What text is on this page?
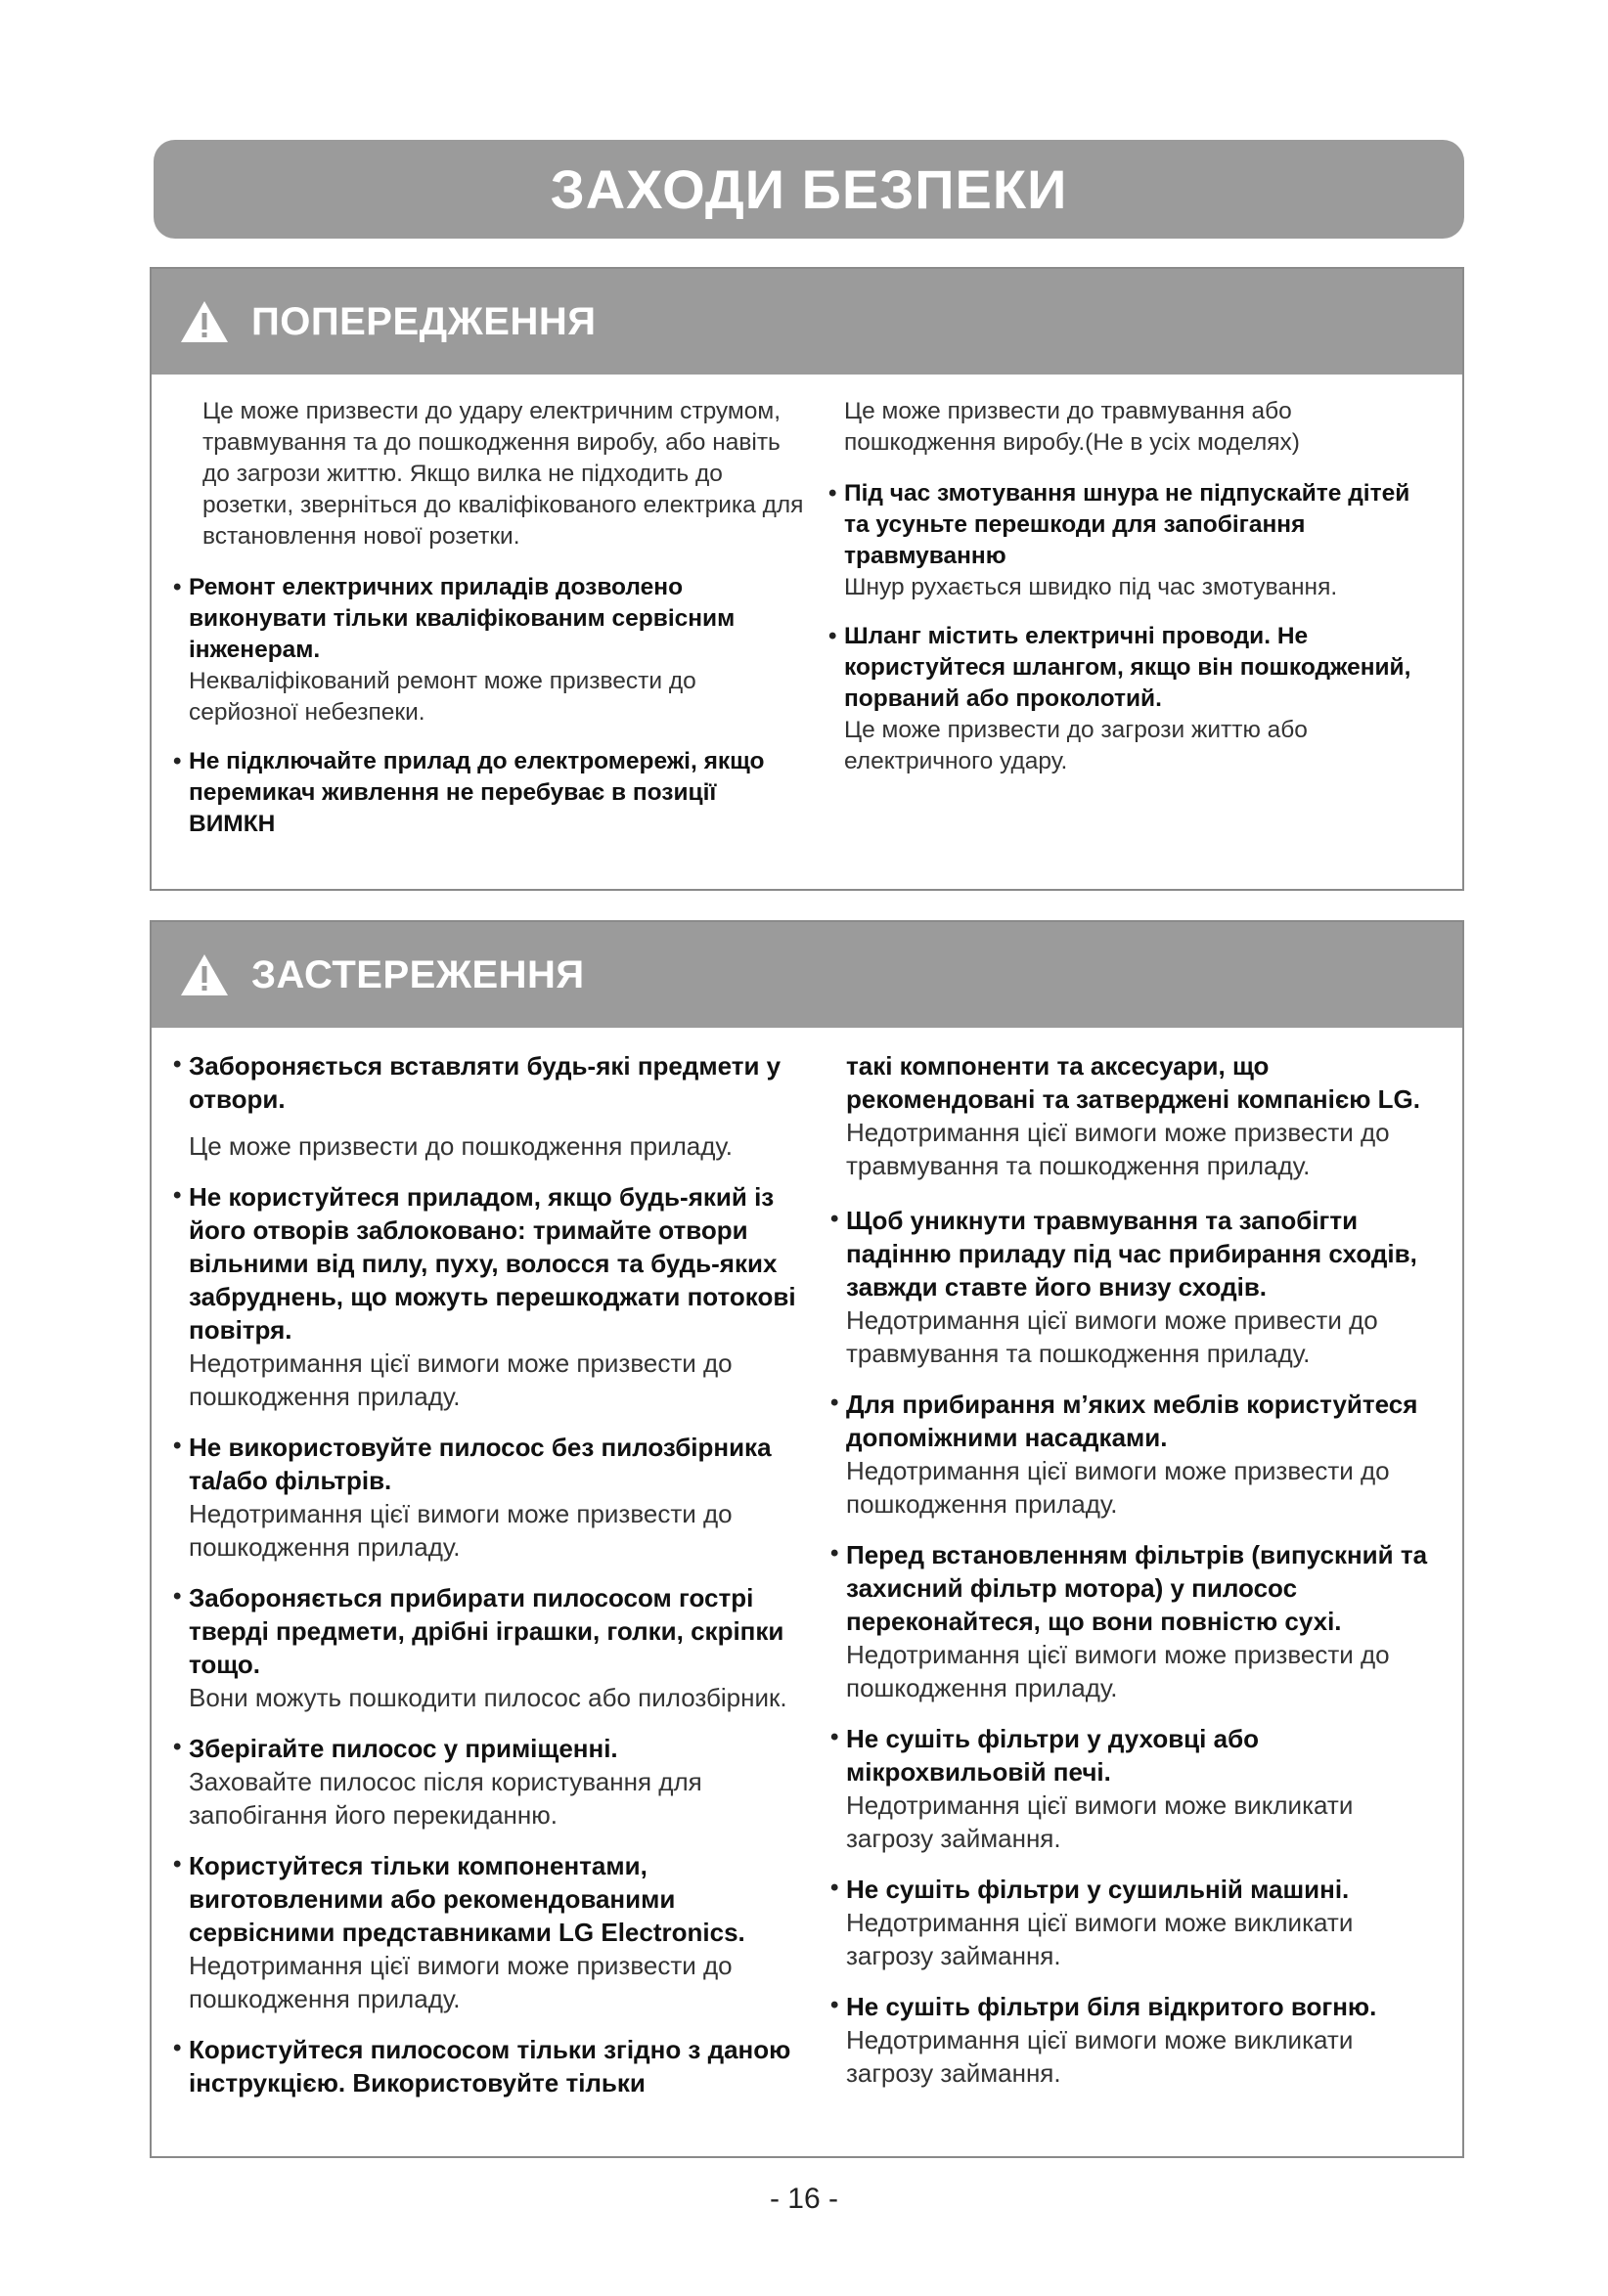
ЗАХОДИ БЕЗПЕКИ
ПОПЕРЕДЖЕННЯ

Це може призвести до удару електричним струмом, травмування та до пошкодження виробу, або навіть до загрози життю. Якщо вилка не підходить до розетки, зверніться до кваліфікованого електрика для встановлення нової розетки.

• Ремонт електричних приладів дозволено виконувати тільки кваліфікованим сервісним інженерам.
Некваліфікований ремонт може призвести до серйозної небезпеки.
• Не підключайте прилад до електромережі, якщо перемикач живлення не перебуває в позиції ВИМКН

Це може призвести до травмування або пошкодження виробу.(Не в усіх моделях)

• Під час змотування шнура не підпускайте дітей та усуньте перешкоди для запобігання травмуванню
Шнур рухається швидко під час змотування.
• Шланг містить електричні проводи. Не користуйтеся шлангом, якщо він пошкоджений, порваний або проколотий.
Це може призвести до загрози життю або електричного удару.
ЗАСТЕРЕЖЕННЯ
• Забороняється вставляти будь-які предмети у отвори.
Це може призвести до пошкодження приладу.
• Не користуйтеся приладом, якщо будь-який із його отворів заблоковано: тримайте отвори вільними від пилу, пуху, волосся та будь-яких забруднень, що можуть перешкоджати потокові повітря.
Недотримання цієї вимоги може призвести до пошкодження приладу.
• Не використовуйте пилосос без пилозбірника та/або фільтрів.
Недотримання цієї вимоги може призвести до пошкодження приладу.
• Забороняється прибирати пилососом гострі тверді предмети, дрібні іграшки, голки, скріпки тощо.
Вони можуть пошкодити пилосос або пилозбірник.
• Зберігайте пилосос у приміщенні.
Заховайте пилосос після користування для запобігання його перекиданню.
• Користуйтеся тільки компонентами, виготовленими або рекомендованими сервісними представниками LG Electronics.
Недотримання цієї вимоги може призвести до пошкодження приладу.
• Користуйтеся пилососом тільки згідно з даною інструкцією. Використовуйте тільки
такі компоненти та аксесуари, що рекомендовані та затверджені компанією LG.
Недотримання цієї вимоги може призвести до травмування та пошкодження приладу.
• Щоб уникнути травмування та запобігти падінню приладу під час прибирання сходів, завжди ставте його внизу сходів.
Недотримання цієї вимоги може привести до травмування та пошкодження приладу.
• Для прибирання м’яких меблів користуйтеся допоміжними насадками.
Недотримання цієї вимоги може призвести до пошкодження приладу.
• Перед встановленням фільтрів (випускний та захисний фільтр мотора) у пилосос переконайтеся, що вони повністю сухі.
Недотримання цієї вимоги може призвести до пошкодження приладу.
• Не сушіть фільтри у духовці або мікрохвильовій печі.
Недотримання цієї вимоги може викликати загрозу займання.
• Не сушіть фільтри у сушильній машині.
Недотримання цієї вимоги може викликати загрозу займання.
• Не сушіть фільтри біля відкритого вогню.
Недотримання цієї вимоги може викликати загрозу займання.
- 16 -
